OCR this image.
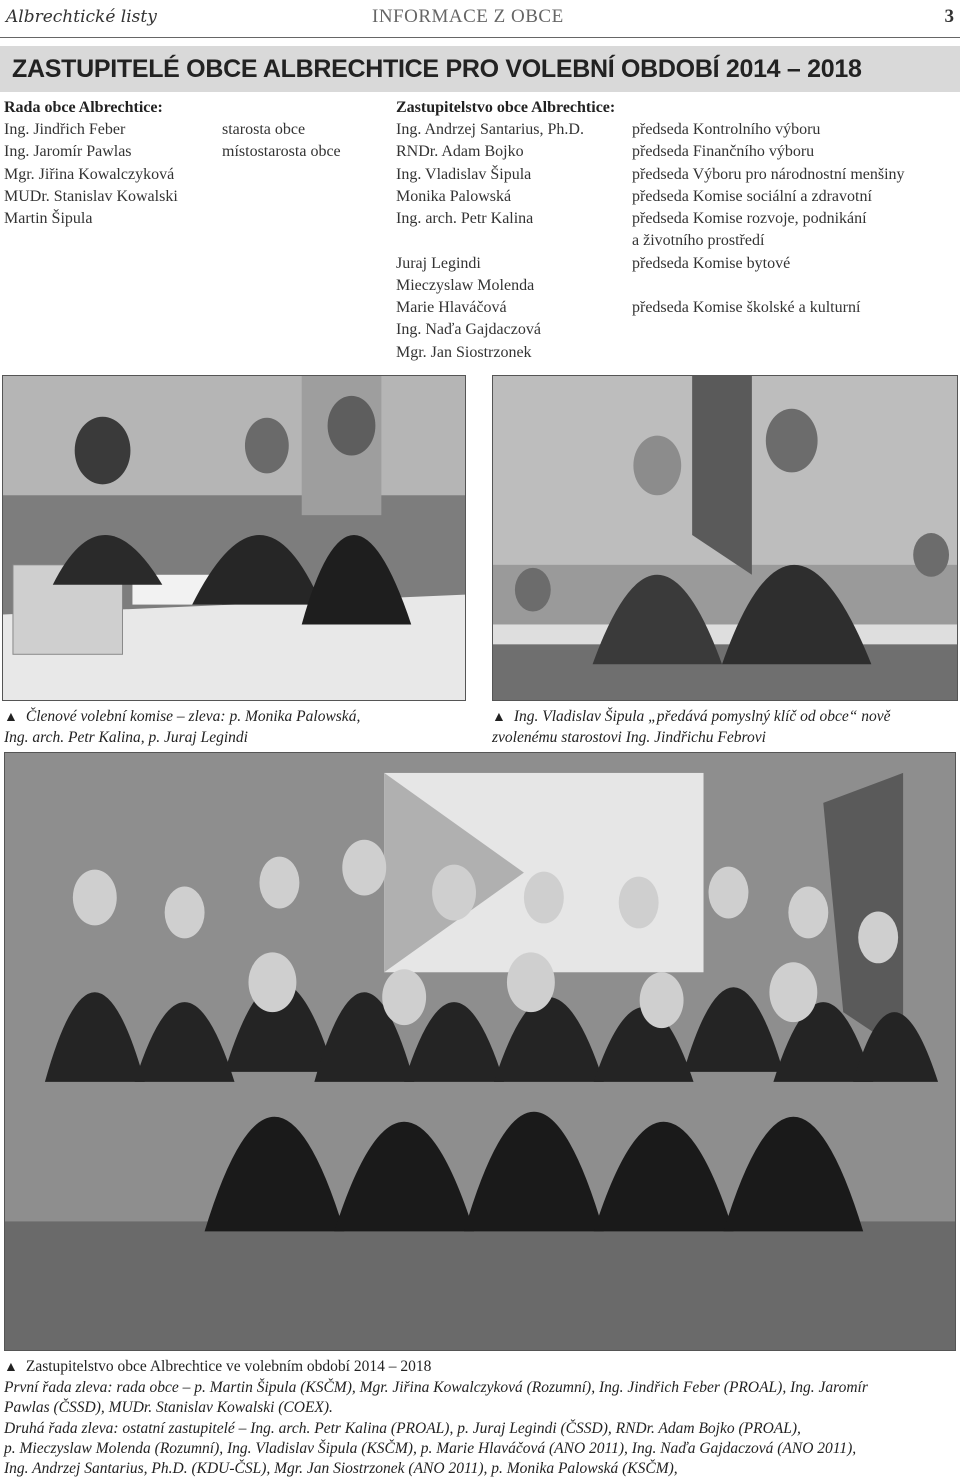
Albrechtické listy	INFORMACE Z OBCE	3
ZASTUPITELÉ OBCE ALBRECHTICE PRO VOLEBNÍ OBDOBÍ 2014 – 2018
Rada obce Albrechtice:
Ing. Jindřich Feber	starosta obce
Ing. Jaromír Pawlas	místostarosta obce
Mgr. Jiřina Kowalczyková
MUDr. Stanislav Kowalski
Martin Šipula
Zastupitelstvo obce Albrechtice:
Ing. Andrzej Santarius, Ph.D.	předseda Kontrolního výboru
RNDr. Adam Bojko	předseda Finančního výboru
Ing. Vladislav Šipula	předseda Výboru pro národnostní menšiny
Monika Palowská	předseda Komise sociální a zdravotní
Ing. arch. Petr Kalina	předseda Komise rozvoje, podnikání
a životního prostředí
Juraj Legindi	předseda Komise bytové
Mieczyslaw Molenda
Marie Hlaváčová	předseda Komise školské a kulturní
Ing. Naďa Gajdaczová
Mgr. Jan Siostrzonek
▲ Členové volební komise – zleva: p. Monika Palowská,
Ing. arch. Petr Kalina, p. Juraj Legindi
▲ Ing. Vladislav Šipula „předává pomyslný klíč od obce“ nově
zvolenému starostovi Ing. Jindřichu Febrovi
▲ Zastupitelstvo obce Albrechtice ve volebním období 2014 – 2018
První řada zleva: rada obce – p. Martin Šipula (KSČM), Mgr. Jiřina Kowalczyková (Rozumní), Ing. Jindřich Feber (PROAL), Ing. Jaromír
Pawlas (ČSSD), MUDr. Stanislav Kowalski (COEX).
Druhá řada zleva: ostatní zastupitelé – Ing. arch. Petr Kalina (PROAL), p. Juraj Legindi (ČSSD), RNDr. Adam Bojko (PROAL),
p. Mieczyslaw Molenda (Rozumní), Ing. Vladislav Šipula (KSČM), p. Marie Hlaváčová (ANO 2011), Ing. Naďa Gajdaczová (ANO 2011),
Ing. Andrzej Santarius, Ph.D. (KDU-ČSL), Mgr. Jan Siostrzonek (ANO 2011), p. Monika Palowská (KSČM),
